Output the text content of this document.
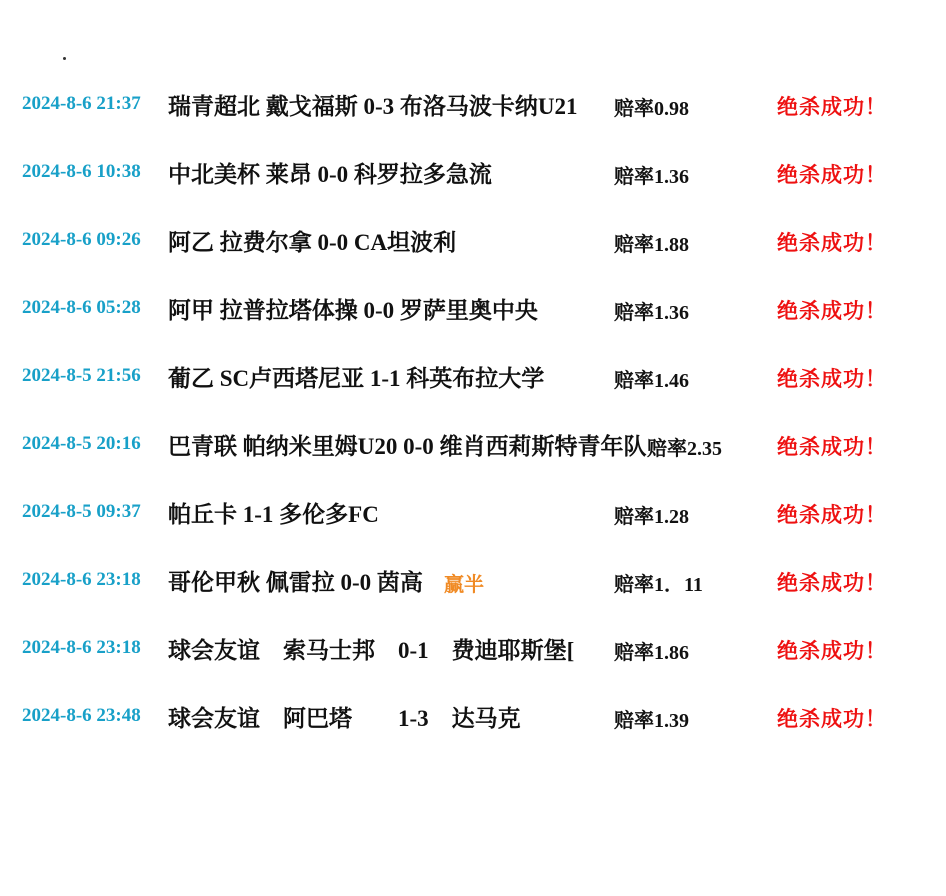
2024-8-6 21:37 瑞青超北 戴戈福斯 0-3 布洛马波卡纳U21 赔率0.98	绝杀成功！
2024-8-6 10:38 中北美杯 莱昂 0-0 科罗拉多急流	赔率1.36	绝杀成功！
2024-8-6 09:26 阿乙 拉费尔拿 0-0 CA坦波利	赔率1.88	绝杀成功！
2024-8-6 05:28 阿甲 拉普拉塔体操 0-0 罗萨里奥中央	赔率1.36	绝杀成功！
2024-8-5 21:56 葡乙 SC卢西塔尼亚 1-1 科英布拉大学	赔率1.46	绝杀成功！
2024-8-5 20:16 巴青联 帕纳米里姆U20 0-0 维肖西莉斯特青年队 赔率2.35	绝杀成功！
2024-8-5 09:37 帕丘卡 1-1 多伦多FC	赔率1.28	绝杀成功！
2024-8-6 23:18 哥伦甲秋 佩雷拉 0-0 茵高 赢半	赔率1．11	绝杀成功！
2024-8-6 23:18 球会友谊　索马士邦　0-1　费迪耶斯堡[ 赔率1.86	绝杀成功！
2024-8-6 23:48 球会友谊　阿巴塔　　1-3　达马克	赔率1.39	绝杀成功！
